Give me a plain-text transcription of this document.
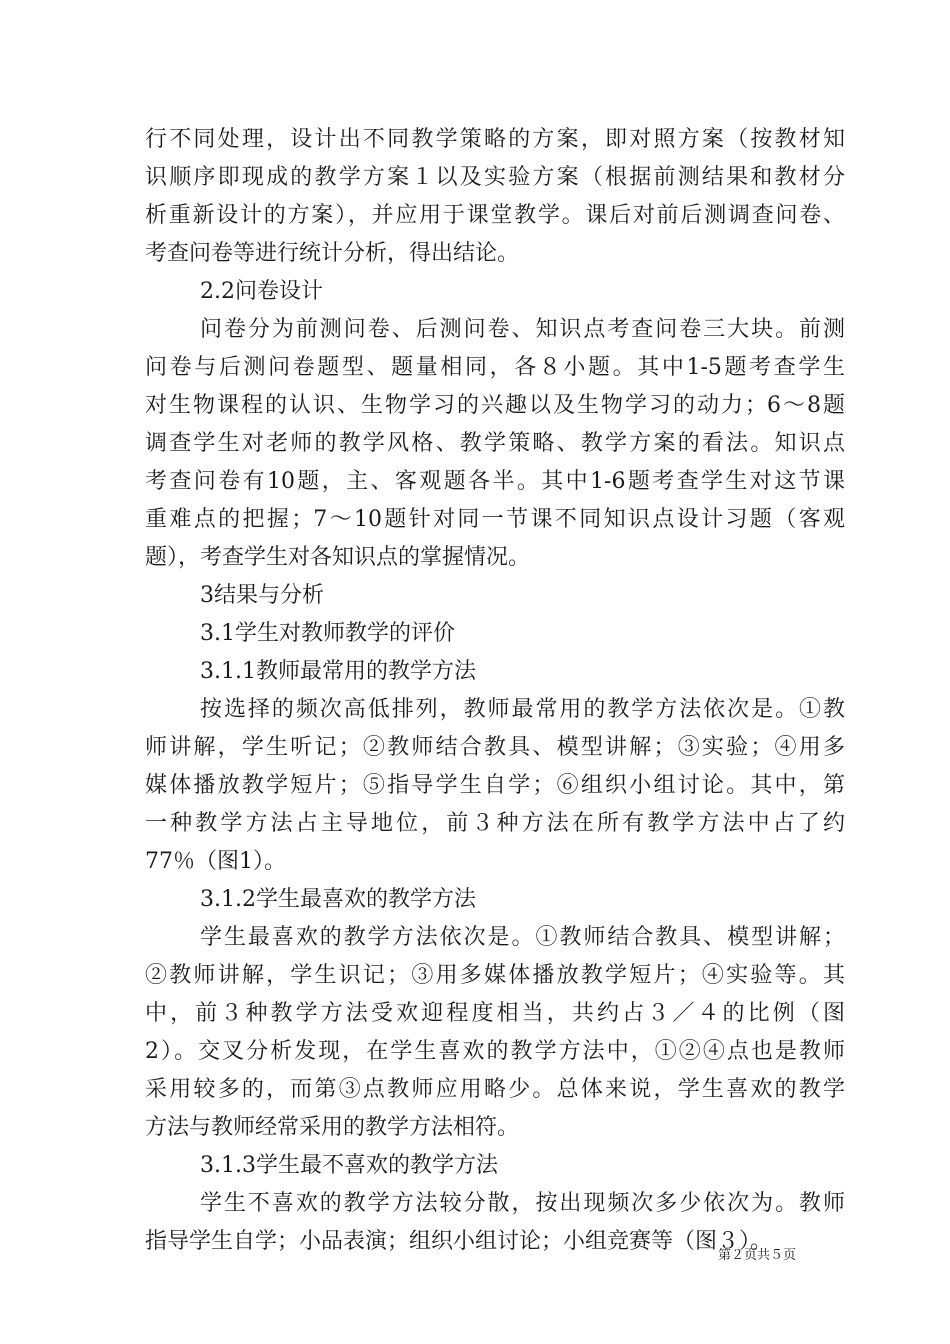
行不同处理，设计出不同教学策略的方案，即对照方案（按教材知
识顺序即现成的教学方案１以及实验方案（根据前测结果和教材分
析重新设计的方案），并应用于课堂教学。课后对前后测调查问卷、
考查问卷等进行统计分析，得出结论。
2.2问卷设计
问卷分为前测问卷、后测问卷、知识点考查问卷三大块。前测
问卷与后测问卷题型、题量相同，各８小题。其中1-5题考查学生
对生物课程的认识、生物学习的兴趣以及生物学习的动力；6～8题
调查学生对老师的教学风格、教学策略、教学方案的看法。知识点
考查问卷有10题，主、客观题各半。其中1-6题考查学生对这节课
重难点的把握；7～10题针对同一节课不同知识点设计习题（客观
题），考查学生对各知识点的掌握情况。
3结果与分析
3.1学生对教师教学的评价
3.1.1教师最常用的教学方法
按选择的频次高低排列，教师最常用的教学方法依次是。①教
师讲解，学生听记；②教师结合教具、模型讲解；③实验；④用多
媒体播放教学短片；⑤指导学生自学；⑥组织小组讨论。其中，第
一种教学方法占主导地位，前３种方法在所有教学方法中占了约
77％（图1）。
3.1.2学生最喜欢的教学方法
学生最喜欢的教学方法依次是。①教师结合教具、模型讲解；
②教师讲解，学生识记；③用多媒体播放教学短片；④实验等。其
中，前３种教学方法受欢迎程度相当，共约占３／４的比例（图
2）。交叉分析发现，在学生喜欢的教学方法中，①②④点也是教师
采用较多的，而第③点教师应用略少。总体来说，学生喜欢的教学
方法与教师经常采用的教学方法相符。
3.1.3学生最不喜欢的教学方法
学生不喜欢的教学方法较分散，按出现频次多少依次为。教师
指导学生自学；小品表演；组织小组讨论；小组竞赛等（图３）。
第２页共５页
